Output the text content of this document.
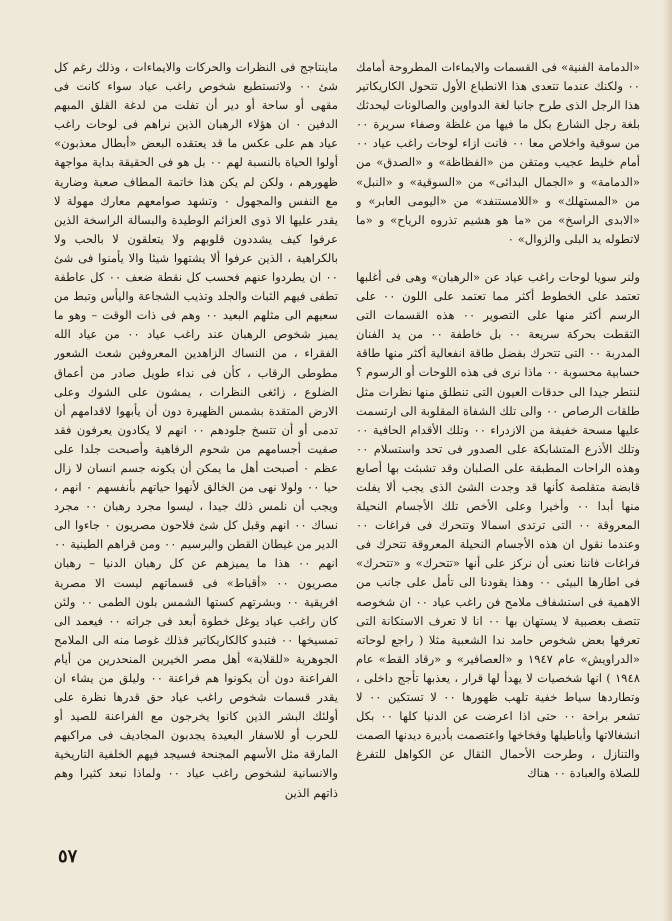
«الدمامة الفنية» فى القسمات والايماءات المطروحة أمامك ٠٠ ولكنك عندما تتعدى هذا الانطباع الأول تتحول الكاريكاتير هذا الرجل الذى طرح جانبا لغة الدواوين والصالونات ليحدثك بلغة رجل الشارع بكل ما فيها من غلظة وصفاء سريرة ٠٠ من سوقية واخلاص معا ٠٠ فانت ازاء لوحات راغب عياد ٠٠ أمام خليط عجيب ومتقن من «الفظاظة» و «الصدق» من «الدمامة» و «الجمال البدائى» من «السوقية» و «النبل» من «المستهلك» و «اللامستنفد» من «اليومى العابر» و «الابدى الراسخ» من «ما هو هشيم تذروه الرياح» و «ما لاتطوله يد البلى والزوال» ٠

ولنر سويا لوحات راغب عياد عن «الرهبان» وهى فى أغلبها تعتمد على الخطوط أكثر مما تعتمد على اللون ٠٠ على الرسم أكثر منها على التصوير ٠٠ هذه القسمات التى التقطت بحركة سريعة ٠٠ بل خاطفة ٠٠ من يد الفنان المدربة ٠٠ التى تتحرك بفضل طاقة انفعالية أكثر منها طاقة حسابية محسوبة ٠٠ ماذا نرى فى هذه اللوحات أو الرسوم ؟ لنتطر جيدا الى حدقات العيون التى تنطلق منها نظرات مثل طلقات الرصاص ٠٠ والى تلك الشفاة المقلوبة الى ارتسمت عليها مسحة خفيفة من الازدراء ٠٠ وتلك الأقدام الحافية ٠٠ وتلك الأذرع المتشابكة على الصدور فى تحد واستسلام ٠٠ وهذه الراحات المطبقة على الصلبان وقد تشبثت بها أصابع قابضة متقلصة كأنها قد وجدت الشئ الذى يجب ألا يفلت منها أبدا ٠٠ وأخيرا وعلى الأخص تلك الأجسام النحيلة المعروقة ٠٠ التى ترتدى اسمالا وتتحرك فى فراغات ٠٠ وعندما نقول ان هذه الأجسام النحيلة المعروقة تتحرك فى فراغات فاننا نعنى أن نركز على أنها «تتحرك» و «تتحرك» فى اطارها البيئى ٠٠ وهذا يقودنا الى تأمل على جانب من الاهمية فى استشفاف ملامح فن راغب عياد ٠٠ ان شخوصه تتصف بعصبية لا يستهان بها ٠٠ انا لا تعرف الاستكانة التى تعرفها بعض شخوص حامد ندا الشعبية مثلا ( راجع لوحاته «الدراويش» عام ١٩٤٧ و «العصافير» و «رقاد القط» عام ١٩٤٨ ) انها شخصيات لا يهدأ لها قرار ، يعذبها تأجج داخلى ، وتطاردها سياط خفية تلهب ظهورها ٠٠ لا تستكين ٠٠ لا تشعر براحة ٠٠ حتى اذا اعرضت عن الدنيا كلها ٠٠ بكل انشغالاتها وأباطيلها وفخاخها واعتصمت بأديرة ديدنها الصمت والتنازل ، وطرحت الأحمال الثقال عن الكواهل للتفرغ للصلاة والعبادة ٠٠ هناك

ماينتاجج فى النظرات والحركات والايماءات ، وذلك رغم كل شئ ٠٠ ولاتستطيع شخوص راغب عياد سواء كانت فى مقهى أو ساحة أو دير أن تفلت من لدغة القلق المبهم الدفين ٠ ان هؤلاء الرهبان الذين نراهم فى لوحات راغب عياد هم على عكس ما قد يعتقده البعض «أبطال معذبون» أولوا الحياة بالنسبة لهم ٠٠ بل هو فى الحقيقة بداية مواجهة ظهورهم ، ولكن لم يكن هذا خاتمة المطاف صعبة وضارية مع النفس والمجهول ٠ وتشهد صوامعهم معارك مهولة لا يقدر عليها الا ذوى العزائم الوطيدة والبسالة الراسخة الذين عرفوا كيف يشددون قلوبهم ولا يتعلقون لا بالحب ولا بالكراهية ، الذين عرفوا ألا يشتهوا شيئا والا يأمنوا فى شئ ٠٠ ان يطردوا عنهم فحسب كل نقطة ضعف ٠٠ كل عاطفة تطفى فيهم الثبات والجلد وتذيب الشجاعة واليأس وتبط من سعيهم الى مثلهم البعيد ٠٠ وهم فى ذات الوقت – وهو ما يميز شخوص الرهبان عند راغب عياد ٠٠ من عياد الله الفقراء ، من النساك الزاهدين المعروفين شعث الشعور مطوطى الرقاب ، كأن فى نداء طويل صادر من أعماق الضلوع ، زائغى النظرات ، يمشون على الشوك وعلى الارض المتقدة بشمس الظهيرة دون أن يأبهوا لاقدامهم أن تدمى أو أن تتسخ جلودهم ٠٠ انهم لا يكادون يعرفون فقد صفيت أجسامهم من شحوم الرفاهية وأصبحت جلدا على عظم ٠ أصبحت أهل ما يمكن أن يكونه جسم انسان لا زال حيا ٠٠ ولولا نهى من الخالق لأنهوا حياتهم بأنفسهم ٠ انهم ، ويجب أن نلمس ذلك جيدا ، ليسوا مجرد رهبان ٠٠ مجرد نساك ٠٠ انهم وقبل كل شئ فلاحون مصريون ٠ جاءوا الى الدير من غيطان القطن والبرسيم ٠٠ ومن قراهم الطينية ٠٠ انهم ٠٠ هذا ما يميزهم عن كل رهبان الدنيا – رهبان مصريون ٠٠ «أقباط» فى قسماتهم ليست الا مصرية افريقية ٠٠ وبشرتهم كستها الشمس بلون الطمى ٠٠ ولئن كان راغب عياد يوغل خطوة أبعد فى جراته ٠٠ فيعمد الى تمسيخها ٠٠ فتبدو كالكاريكاتير فذلك غوصا منه الى الملامح الجوهرية «للقلابة» أهل مصر الخيرين المنحدرين من أيام الفراعنة دون أن يكونوا هم فراعنة ٠٠ وليلق من يشاء ان يقدر قسمات شخوص راغب عياد حق قدرها نظرة على أولئك البشر الذين كانوا يخرجون مع الفراعنة للصيد أو للحرب أو للاسفار البعيدة يجدبون المجاديف فى مراكبهم المارقة مثل الأسهم المجنحة فسيجد فيهم الخلفية التاريخية والانسانية لشخوص راغب عياد ٠٠ ولماذا نبعد كثيرا وهم ذاتهم الذين

٥٧
